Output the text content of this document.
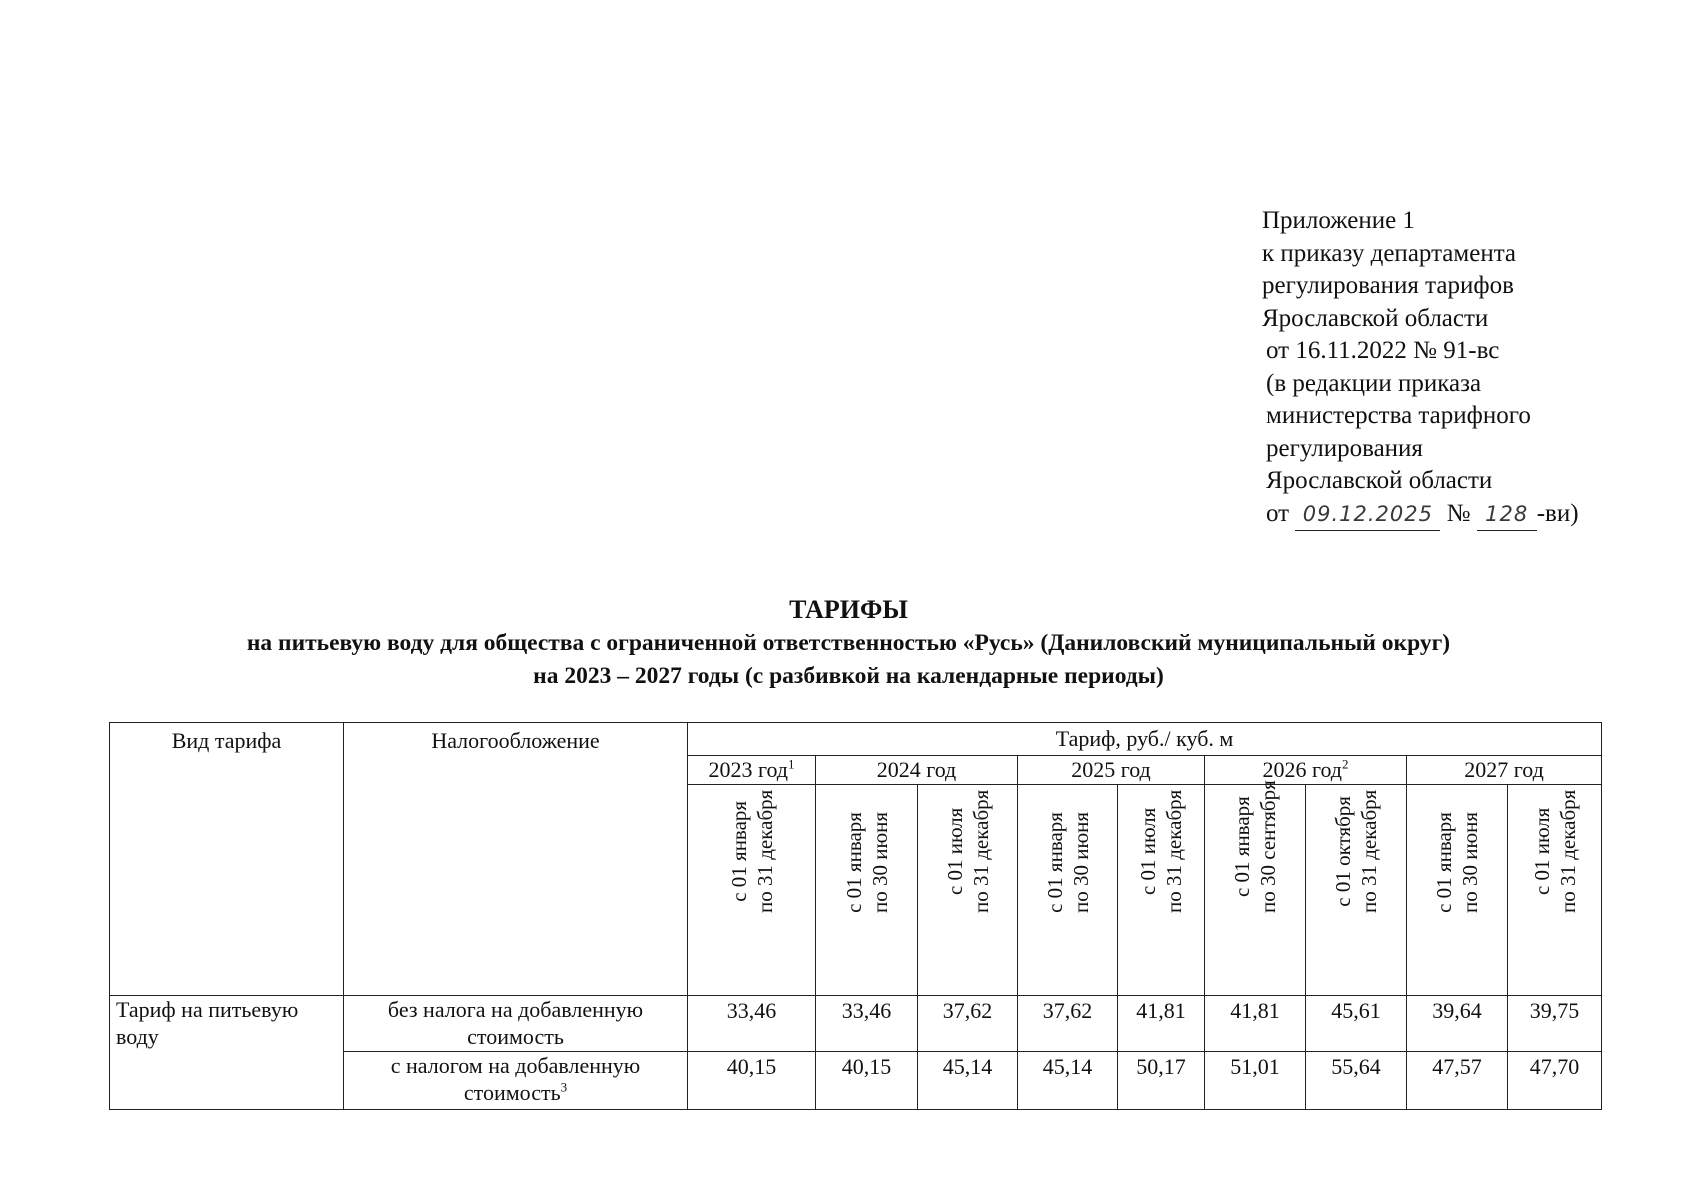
Приложение 1
к приказу департамента
регулирования тарифов
Ярославской области
от 16.11.2022 № 91-вс
(в редакции приказа
министерства тарифного
регулирования
Ярославской области
от 09.12.2025 № 128 -ви)
ТАРИФЫ
на питьевую воду для общества с ограниченной ответственностью «Русь» (Даниловский муниципальный округ)
на 2023 – 2027 годы (с разбивкой на календарные периоды)
Вид тарифа	Налогообложение	Тариф, руб./ куб. м								
		2023 год$^1$	2024 год		2025 год		2026 год$^2$		2027 год	

		с 01 января по 31 декабря	с 01 января по 30 июня	с 01 июля по 31 декабря	с 01 января по 30 июня	с 01 июля по 31 декабря	с 01 января по 30 сентября	с 01 октября по 31 декабря	с 01 января по 30 июня	с 01 июля по 31 декабря

Тариф на питьевую воду	без налога на добавленную стоимость	33,46	33,46	37,62	37,62	41,81	41,81	45,61	39,64	39,75
	с налогом на добавленную стоимость$^3$	40,15	40,15	45,14	45,14	50,17	51,01	55,64	47,57	47,70
